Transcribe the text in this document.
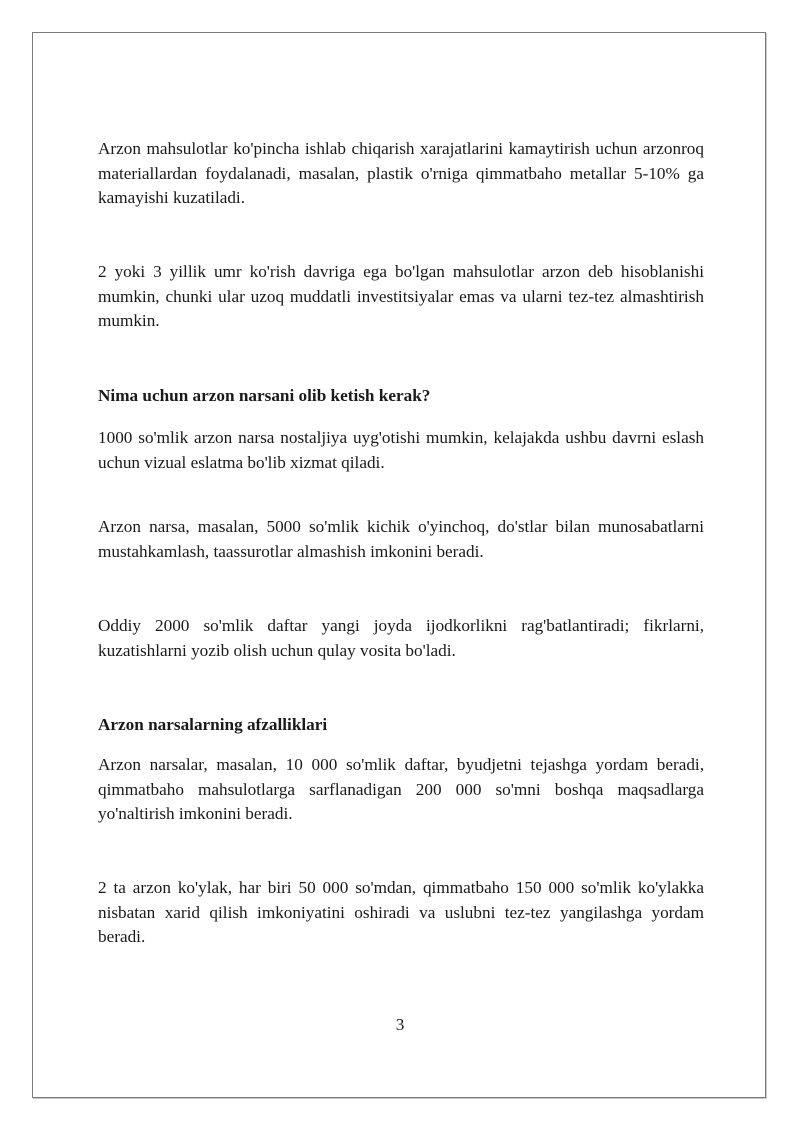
Arzon mahsulotlar ko'pincha ishlab chiqarish xarajatlarini kamaytirish uchun arzonroq materiallardan foydalanadi, masalan, plastik o'rniga qimmatbaho metallar 5-10% ga kamayishi kuzatiladi.

2 yoki 3 yillik umr ko'rish davriga ega bo'lgan mahsulotlar arzon deb hisoblanishi mumkin, chunki ular uzoq muddatli investitsiyalar emas va ularni tez-tez almashtirish mumkin.

Nima uchun arzon narsani olib ketish kerak?

1000 so'mlik arzon narsa nostaljiya uyg'otishi mumkin, kelajakda ushbu davrni eslash uchun vizual eslatma bo'lib xizmat qiladi.

Arzon narsa, masalan, 5000 so'mlik kichik o'yinchoq, do'stlar bilan munosabatlarni mustahkamlash, taassurotlar almashish imkonini beradi.

Oddiy 2000 so'mlik daftar yangi joyda ijodkorlikni rag'batlantiradi; fikrlarni, kuzatishlarni yozib olish uchun qulay vosita bo'ladi.

Arzon narsalarning afzalliklari

Arzon narsalar, masalan, 10 000 so'mlik daftar, byudjetni tejashga yordam beradi, qimmatbaho mahsulotlarga sarflanadigan 200 000 so'mni boshqa maqsadlarga yo'naltirish imkonini beradi.

2 ta arzon ko'ylak, har biri 50 000 so'mdan, qimmatbaho 150 000 so'mlik ko'ylakka nisbatan xarid qilish imkoniyatini oshiradi va uslubni tez-tez yangilashga yordam beradi.

3
